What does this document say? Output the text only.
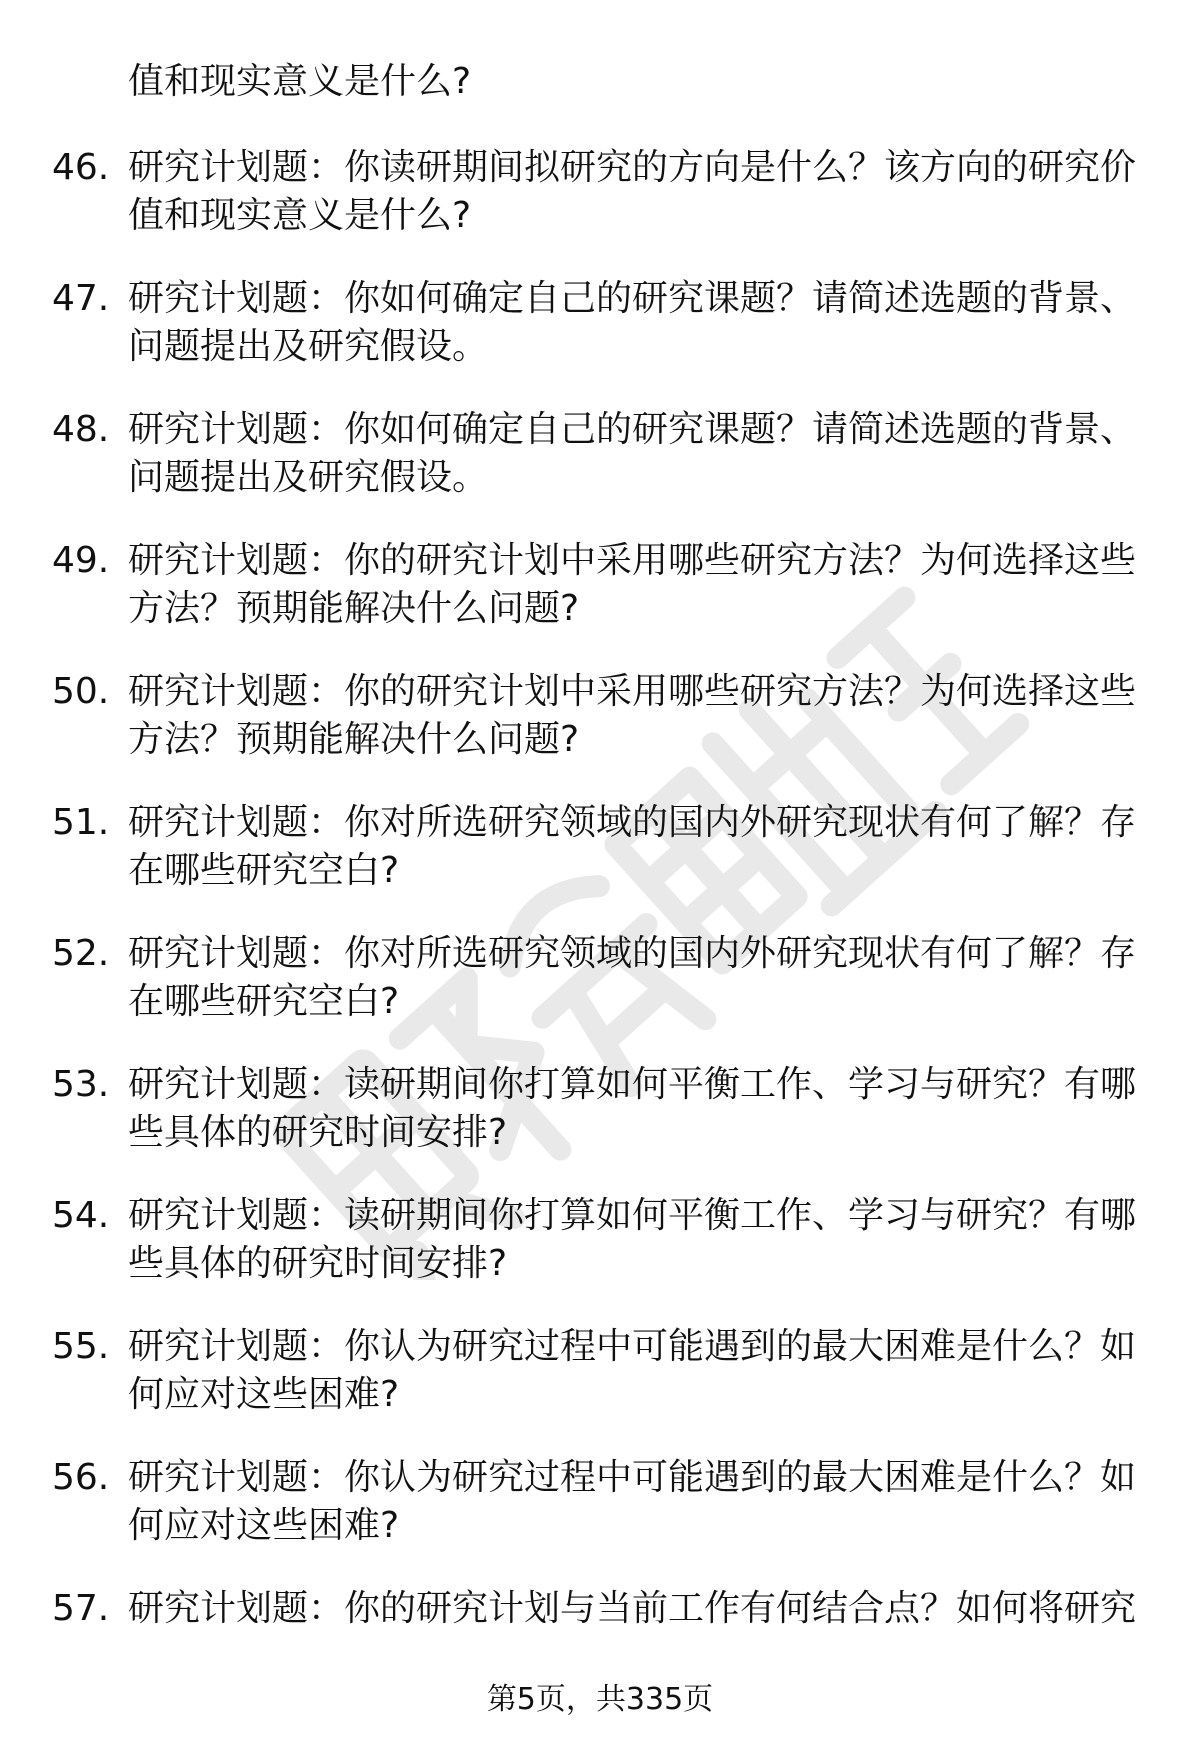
值和现实意义是什么?
46. 研究计划题：你读研期间拟研究的方向是什么？该方向的研究价
值和现实意义是什么?
47. 研究计划题：你如何确定自己的研究课题？请简述选题的背景、
问题提出及研究假设。
48. 研究计划题：你如何确定自己的研究课题？请简述选题的背景、
问题提出及研究假设。
49. 研究计划题：你的研究计划中采用哪些研究方法？为何选择这些
方法？预期能解决什么问题?
50. 研究计划题：你的研究计划中采用哪些研究方法？为何选择这些
方法？预期能解决什么问题?
51. 研究计划题：你对所选研究领域的国内外研究现状有何了解？存
在哪些研究空白?
52. 研究计划题：你对所选研究领域的国内外研究现状有何了解？存
在哪些研究空白?
53. 研究计划题：读研期间你打算如何平衡工作、学习与研究？有哪
些具体的研究时间安排?
54. 研究计划题：读研期间你打算如何平衡工作、学习与研究？有哪
些具体的研究时间安排?
55. 研究计划题：你认为研究过程中可能遇到的最大困难是什么？如
何应对这些困难?
56. 研究计划题：你认为研究过程中可能遇到的最大困难是什么？如
何应对这些困难?
57. 研究计划题：你的研究计划与当前工作有何结合点？如何将研究
第5页，共335页
